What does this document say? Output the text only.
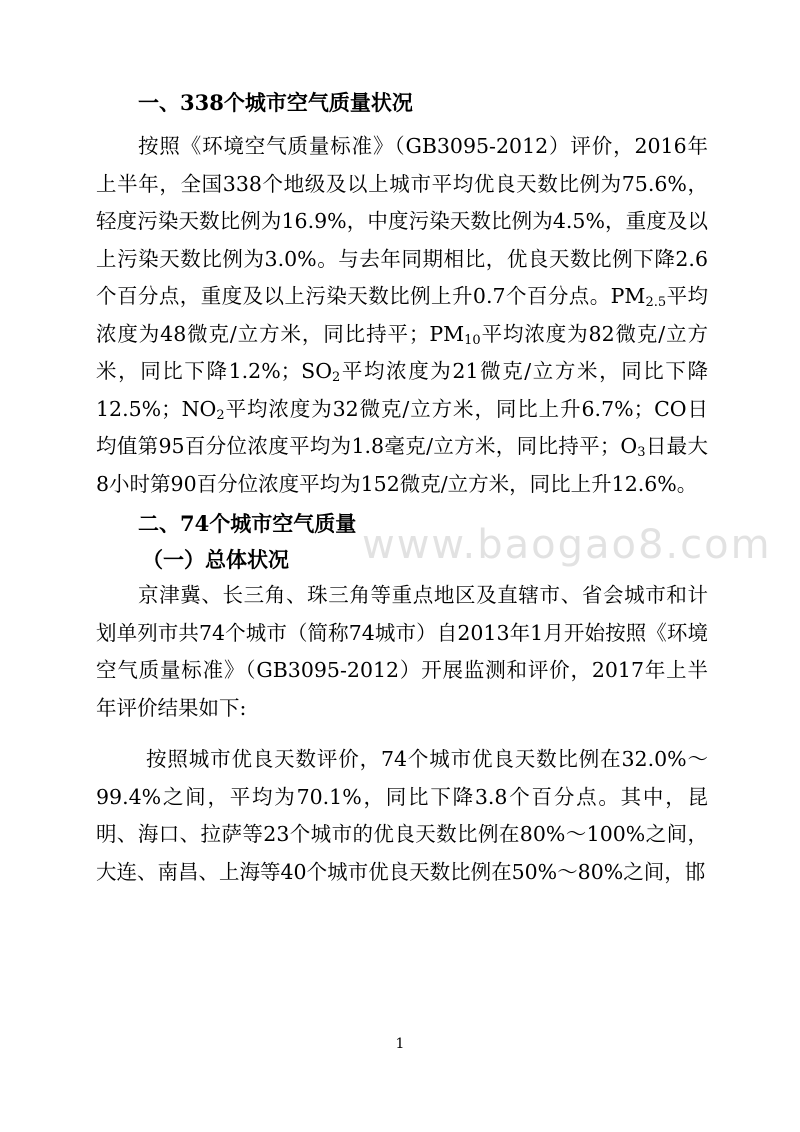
一、338个城市空气质量状况

按照《环境空气质量标准》（GB3095-2012）评价，2016年上半年，全国338个地级及以上城市平均优良天数比例为75.6%，轻度污染天数比例为16.9%，中度污染天数比例为4.5%，重度及以上污染天数比例为3.0%。与去年同期相比，优良天数比例下降2.6个百分点，重度及以上污染天数比例上升0.7个百分点。$PM_{2.5}$平均浓度为48微克/立方米，同比持平；$PM_{10}$平均浓度为82微克/立方米，同比下降1.2%；$SO_2$平均浓度为21微克/立方米，同比下降12.5%；$NO_2$平均浓度为32微克/立方米，同比上升6.7%；CO日均值第95百分位浓度平均为1.8毫克/立方米，同比持平；$O_3$日最大8小时第90百分位浓度平均为152微克/立方米，同比上升12.6%。

二、74个城市空气质量
（一）总体状况

京津冀、长三角、珠三角等重点地区及直辖市、省会城市和计划单列市共74个城市（简称74城市）自2013年1月开始按照《环境空气质量标准》（GB3095-2012）开展监测和评价，2017年上半年评价结果如下:

按照城市优良天数评价，74个城市优良天数比例在32.0%～99.4%之间，平均为70.1%，同比下降3.8个百分点。其中，昆明、海口、拉萨等23个城市的优良天数比例在80%～100%之间，大连、南昌、上海等40个城市优良天数比例在50%～80%之间，邯

www.baogao8.com
1
